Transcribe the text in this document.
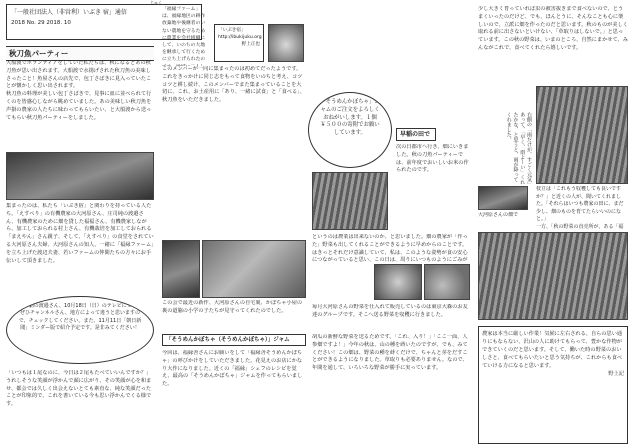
「一般社団法人（非営利）いぶき 宿」通信
2018 No. 29 2018. 10
じゅく
秋刀魚パーティー
大船渡でボランティアをしていた私たちは、秋になるとあの秋刀魚が思い出されます。大船渡で水揚げされた秋刀魚の美味しさったこと！魚屋さんの店先で、包丁さばきに見入っていたことが懐かしく思い出されます。
秋刀魚の料理が美しい包丁さばきで、見事に皿に並べられて行くのを皆感心しながら眺めていました。あの美味しい秋刀魚を声掛の農家の人たちに味わってもらいたい、と大船渡から送ってもらい秋刀魚パーティーをしました。
集まったのは、私たち「いぶき宿」と関わりを持っている人たち。「えすぺり」の有機農家の大河原さん、庄司純の渡邉さん、有機農家のために畑を貸した福福さん、有機農家しながら、加工しておられる村上さん、有機栽培を加工しておられる「まえやん」さん親子、そして、「えすぺり」の食堂をされている大河原さん夫婦、大河原さんの知人、一緒に「福縁ファーム」を立ち上げた渡辺夫妻、若いファームの仲間たちの方々にお手伝いして頂きました。
在卓劇の渡邉さん、10月18日（日）のテレビにです。ぜひチャンネルさん、地方によって違うと思いますので、チェックしてください。また、11月11日「朝日新聞」ミンダー版で紹介予定です。是非みてください！
「いつもは１尾なのに、今日は２尾もたべていいんですか？」うれしそうな笑顔が浮かんで顔に広がり、その笑顔が心を和ませ、都会では久しく出会えないとても素直な、純な笑顔だったことが印象的で、これを書いている今も思い浮かんでくる様です。
「いぶき宿」
http://ibukijuku.org
野上正也
「福縁ファーム」は、福縁地区の耕作放棄地や後継者のいない農地を守るために農業を会社組織にして、いのちの大地を継承して行くために立ち上げられたの
このメンバーが一同に集まったのは初めてだったようです。これをきっかけに同じ志をもって食物をいのちと考え、コツコツと耕し続け、このメンバーでまた集まっていることを大切に、これ、お土産用に「あり、一緒に試食」と「食べる」、秋刀魚をいただきました。
この会で最近の新作、大河原さんの自宅裏、かぼちゃ小屋の裏の道脇の小学の子たちが見守ってくれたのでした。
「そうめんかぼちゃ（そうめんかぼちゃ）」ジャム
今回は、福縁舎さんにお願いをして「福縁舎そうめんかぼちゃ」の呼びかけをしていただきました。花見えのお店にかなり大作になりました。近くの「福縁」シェフのレシピを覚え、最高の「そうめんかぼちゃ」ジャムを作ってもらいました。
「そうめんかぼちゃ」ジャムのご注文をよろしくおねがいします。１個￥５００の寄附でお願いしています。	早稲の田で
次の日都市へ行き、畑にいきました。秋の刀魚パーティーでは、前年度でおいしいお米の作られたのです。
というのは農業は出来ないのか、と思いました。畑の農家が「作った」野菜も出してくれることができるように早めからのことです。はきっとそれだけ意識していて、私は、このような姿勢が食の安心につながっていると思い、この日は、周りにいつものようにごみが
毎月大河原さんの野菜を仕入れて販売しているのは東京大森のお友達のグループです。そこへ送る野菜を収穫に行きました。
胡瓜の新鮮な野菜を送るためです。「これ、入り！」「ここ一面、人参畑ですよ！」今年の秋は、山の種を蒔いたのですが、でも、みてください！この畑は、野菜の種を蒔くだけで、ちゃんと芽をだすことができるようになりました。草取りも必要ありません。なので、年間を通して、いろいろな野菜が勝手に実っています。
少し大きく育っていれば虫の被害抜きまで食べないので、とうまくいったのだけど、でも、ほんとうに、そんなことも心に楽しいので、立派に畑を作ったのだと思います。秋のものが美しく取れる前に出さないといけない、「草取りはしないで。」と思っています。この秋の野菜は、いまのところ、自然にまかせて、みんながこれで、食べてくれたら嬉しいです。
右側の「雨だけが、すごく元気」あって、「早く、雨よーい」くれたかな、と思うと、雨が降ってくれました。
枝豆は「これもう収穫しても良いですか？」と近くの人が、聞いてくれました。「それらはいつも農家の田に、まだ少し、畑のものを育てたらいいのになと。」
一方、「秋の野菜の直売所が、ある「福
大河原さんの畑で
農家は本当に厳しい作業！気候に左右される、自らの思い通りにもならない、沢山の人に助けてもらって、豊かな作物ができていくのだと思います。そして、働いた時の野菜のおいしさと、食べてもらいたいと思う気持ちが、これからも食べていける力になると思います。
野上記
